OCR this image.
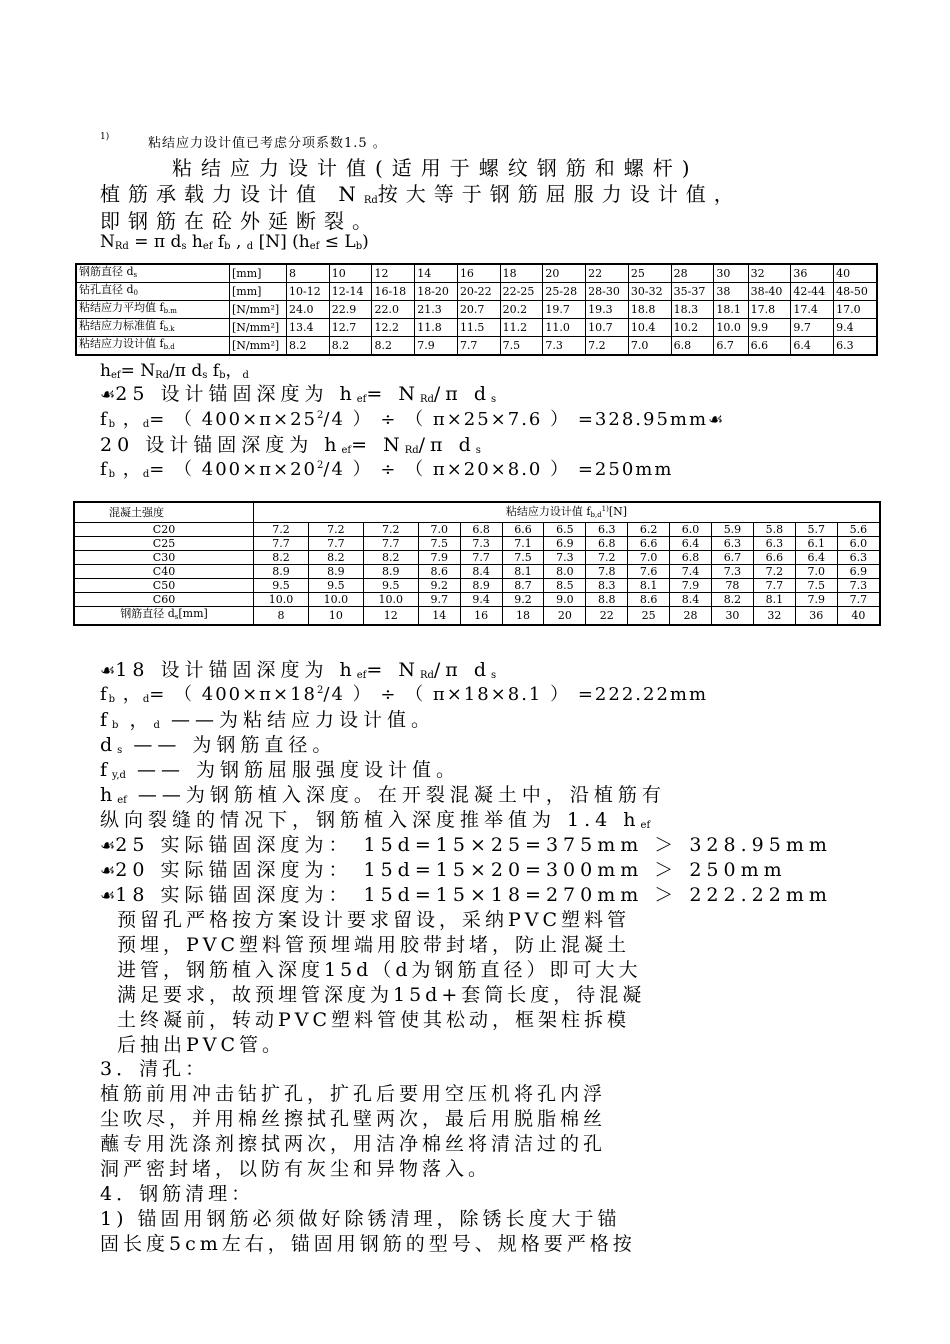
1)	粘结应力设计值已考虑分项系数1.5 。
粘结应力设计值(适用于螺纹钢筋和螺杆)
植筋承载力设计值 $N_{Rd}$按大等于钢筋屈服力设计值，
即钢筋在砼外延断裂。
$N_{Rd} = \pi$ $d_s$ $h_{ef}$ $f_b$ , $_d$ [N] $(h_{ef} \le L_b)$
钢筋直径 $d_s$	[mm]	8	10	12	14	16	18	20	22	25	28	30	32	36	40
钻孔直径 $d_0$	[mm]	10-12	12-14	16-18	18-20	20-22	22-25	25-28	28-30	30-32	35-37	38	38-40	42-44	48-50
粘结应力平均值 $f_{b.m}$	[N/mm²]	24.0	22.9	22.0	21.3	20.7	20.2	19.7	19.3	18.8	18.3	18.1	17.8	17.4	17.0
粘结应力标准值 $f_{b.k}$	[N/mm²]	13.4	12.7	12.2	11.8	11.5	11.2	11.0	10.7	10.4	10.2	10.0	9.9	9.7	9.4
粘结应力设计值 $f_{b.d}$	[N/mm²]	8.2	8.2	8.2	7.9	7.7	7.5	7.3	7.2	7.0	6.8	6.7	6.6	6.4	6.3
$h_{ef}= N_{Rd}/\pi$ $d_s$ $f_b$，$_d$
☙25 设计锚固深度为 $h_{ef}= N_{Rd}/\pi$ $d_s$
$f_b$ ，$_d$= （ $400\times\pi\times 25^2/4$ ） ÷ （ π×25×7.6 ） =328.95mm☙
20 设计锚固深度为 $h_{ef}= N_{Rd}/\pi$ $d_s$
$f_b$ ，$_d$= （ $400\times\pi\times 20^2/4$ ） ÷ （ π×20×8.0 ） =250mm
混凝土强度	粘结应力设计值 $f_{b,d}^{1)}[N]$													
C20	7.2	7.2	7.2	7.0	6.8	6.6	6.5	6.3	6.2	6.0	5.9	5.8	5.7	5.6
C25	7.7	7.7	7.7	7.5	7.3	7.1	6.9	6.8	6.6	6.4	6.3	6.3	6.1	6.0
C30	8.2	8.2	8.2	7.9	7.7	7.5	7.3	7.2	7.0	6.8	6.7	6.6	6.4	6.3
C40	8.9	8.9	8.9	8.6	8.4	8.1	8.0	7.8	7.6	7.4	7.3	7.2	7.0	6.9
C50	9.5	9.5	9.5	9.2	8.9	8.7	8.5	8.3	8.1	7.9	78	7.7	7.5	7.3
C60	10.0	10.0	10.0	9.7	9.4	9.2	9.0	8.8	8.6	8.4	8.2	8.1	7.9	7.7
钢筋直径 $d_s[mm]$	8	10	12	14	16	18	20	22	25	28	30	32	36	40
☙18 设计锚固深度为 $h_{ef}= N_{Rd}/\pi$ $d_s$
$f_b$ ，$_d$= （ $400\times\pi\times 18^2/4$ ） ÷ （ π×18×8.1 ） =222.22mm
$f_b$ ，$_d$ ——为粘结应力设计值。
$d_s$ —— 为钢筋直径。
$f_{y,d}$ —— 为钢筋屈服强度设计值。
$h_{ef}$ ——为钢筋植入深度。在开裂混凝土中，沿植筋有
纵向裂缝的情况下，钢筋植入深度推举值为 1.4 $h_{ef}$
☙25 实际锚固深度为： 15d=15×25=375mm ＞ 328.95mm
☙20 实际锚固深度为： 15d=15×20=300mm ＞ 250mm
☙18 实际锚固深度为： 15d=15×18=270mm ＞ 222.22mm
预留孔严格按方案设计要求留设，采纳PVC塑料管
预埋，PVC塑料管预埋端用胶带封堵，防止混凝土
进管，钢筋植入深度15d（d为钢筋直径）即可大大
满足要求，故预埋管深度为15d+套筒长度，待混凝
土终凝前，转动PVC塑料管使其松动，框架柱拆模
后抽出PVC管。
3．清孔：
植筋前用冲击钻扩孔，扩孔后要用空压机将孔内浮
尘吹尽，并用棉丝擦拭孔壁两次，最后用脱脂棉丝
蘸专用洗涤剂擦拭两次，用洁净棉丝将清洁过的孔
洞严密封堵，以防有灰尘和异物落入。
4．钢筋清理：
1) 锚固用钢筋必须做好除锈清理，除锈长度大于锚
固长度5cm左右，锚固用钢筋的型号、规格要严格按
